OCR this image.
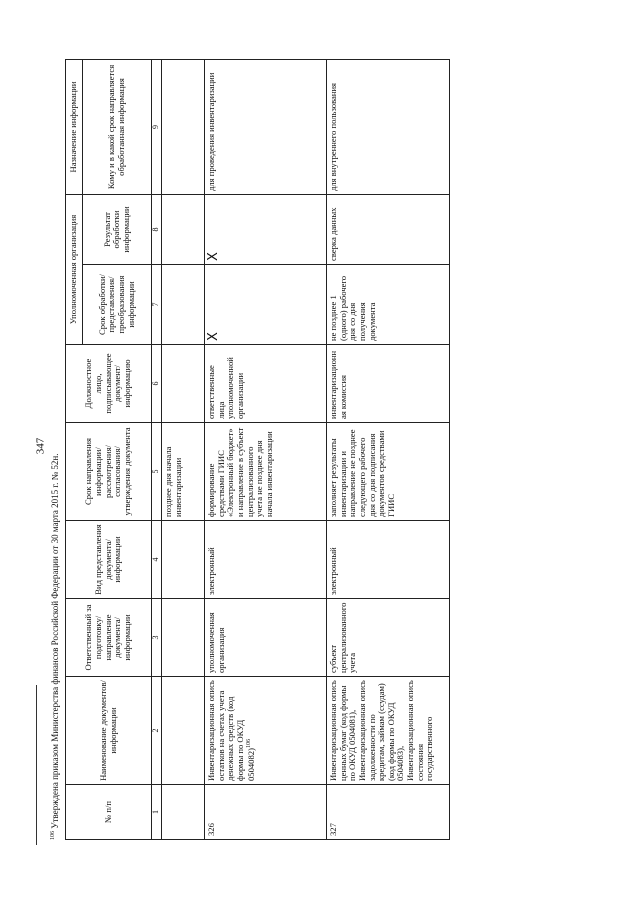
347
№ п/п	Наименование документов/ информации	Ответственный за подготовку/ направление документа/ информации	Вид представления документа/ информации	Срок направления информации/ рассмотрения/ согласования/ утверждения документа	Должностное лицо, подписывающее документ/ информацию	Уполномоченная организация		Назначение информации
						Срок обработки/ представления/ преобразования информации	Результат обработки информации	Кому и в какой срок направляется обработанная информация
1	2	3	4	5	6	7	8	9
				позднее дня начала инвентаризации				
326	Инвентаризационная опись остатков на счетах учета денежных средств (код формы по ОКУД 0504082)$^{106}$	уполномоченная организация	электронный	формирование средствами ГИИС «Электронный бюджет» и направление в субъект централизованного учета не позднее дня начала инвентаризации	ответственные лица уполномоченной организации	X	X	для проведения инвентаризации
327	Инвентаризационная опись ценных бумаг (код формы по ОКУД 0504081), Инвентаризационная опись задолженности по кредитам, займам (ссудам) (код формы по ОКУД 0504083), Инвентаризационная опись состояния государственного	субъект централизованного учета	электронный	заполняет результаты инвентаризации и направление не позднее следующего рабочего дня со дня подписания документов средствами ГИИС	инвентаризационная комиссия	не позднее 1 (одного) рабочего дня со дня получения документа	сверка данных	для внутреннего пользования
$^{106}$ Утверждена приказом Министерства финансов Российской Федерации от 30 марта 2015 г. № 52н.
